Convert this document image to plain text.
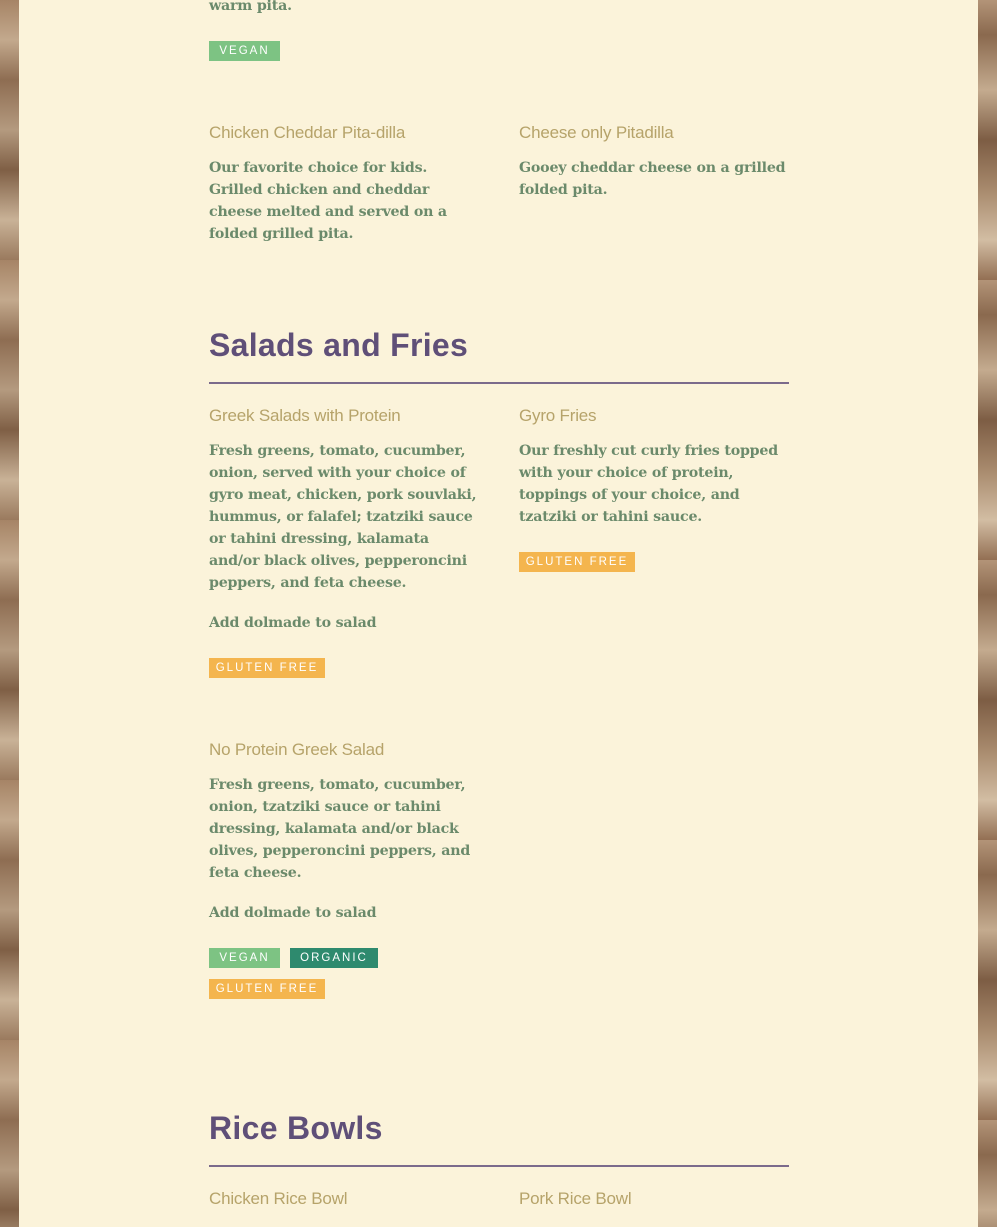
warm pita.
VEGAN
Chicken Cheddar Pita-dilla
Our favorite choice for kids. Grilled chicken and cheddar cheese melted and served on a folded grilled pita.
Cheese only Pitadilla
Gooey cheddar cheese on a grilled folded pita.
Salads and Fries
Greek Salads with Protein
Fresh greens, tomato, cucumber, onion, served with your choice of gyro meat, chicken, pork souvlaki, hummus, or falafel; tzatziki sauce or tahini dressing, kalamata and/or black olives, pepperoncini peppers, and feta cheese.
Add dolmade to salad
GLUTEN FREE
Gyro Fries
Our freshly cut curly fries topped with your choice of protein, toppings of your choice, and tzatziki or tahini sauce.
GLUTEN FREE
No Protein Greek Salad
Fresh greens, tomato, cucumber, onion, tzatziki sauce or tahini dressing, kalamata and/or black olives, pepperoncini peppers, and feta cheese.
Add dolmade to salad
VEGAN	ORGANIC
GLUTEN FREE
Rice Bowls
Chicken Rice Bowl	Pork Rice Bowl
